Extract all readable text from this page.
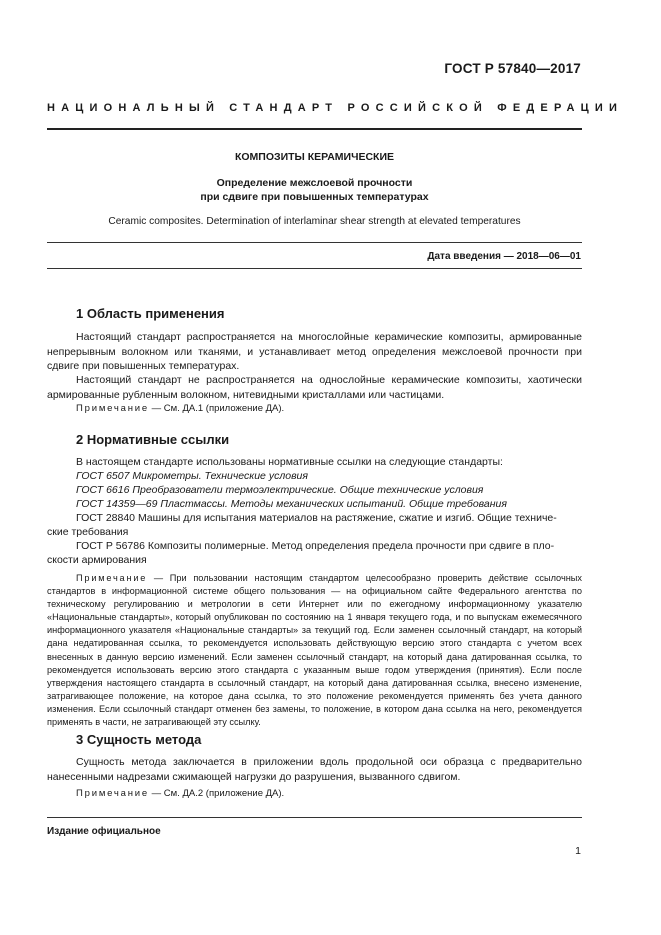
ГОСТ Р 57840—2017
НАЦИОНАЛЬНЫЙ СТАНДАРТ РОССИЙСКОЙ ФЕДЕРАЦИИ
КОМПОЗИТЫ КЕРАМИЧЕСКИЕ
Определение межслоевой прочности
при сдвиге при повышенных температурах
Ceramic composites. Determination of interlaminar shear strength at elevated temperatures
Дата введения — 2018—06—01
1 Область применения
Настоящий стандарт распространяется на многослойные керамические композиты, армированные непрерывным волокном или тканями, и устанавливает метод определения межслоевой прочности при сдвиге при повышенных температурах.
Настоящий стандарт не распространяется на однослойные керамические композиты, хаотически армированные рубленным волокном, нитевидными кристаллами или частицами.
Примечание — См. ДА.1 (приложение ДА).
2 Нормативные ссылки
В настоящем стандарте использованы нормативные ссылки на следующие стандарты:
ГОСТ 6507 Микрометры. Технические условия
ГОСТ 6616 Преобразователи термоэлектрические. Общие технические условия
ГОСТ 14359—69 Пластмассы. Методы механических испытаний. Общие требования
ГОСТ 28840 Машины для испытания материалов на растяжение, сжатие и изгиб. Общие техниче-
ские требования
ГОСТ Р 56786 Композиты полимерные. Метод определения предела прочности при сдвиге в пло-
скости армирования
Примечание — При пользовании настоящим стандартом целесообразно проверить действие ссылочных стандартов в информационной системе общего пользования — на официальном сайте Федерального агентства по техническому регулированию и метрологии в сети Интернет или по ежегодному информационному указателю «Национальные стандарты», который опубликован по состоянию на 1 января текущего года, и по выпускам ежемесячного информационного указателя «Национальные стандарты» за текущий год. Если заменен ссылочный стандарт, на который дана недатированная ссылка, то рекомендуется использовать действующую версию этого стандарта с учетом всех внесенных в данную версию изменений. Если заменен ссылочный стандарт, на который дана датированная ссылка, то рекомендуется использовать версию этого стандарта с указанным выше годом утверждения (принятия). Если после утверждения настоящего стандарта в ссылочный стандарт, на который дана датированная ссылка, внесено изменение, затрагивающее положение, на которое дана ссылка, то это положение рекомендуется применять без учета данного изменения. Если ссылочный стандарт отменен без замены, то положение, в котором дана ссылка на него, рекомендуется применять в части, не затрагивающей эту ссылку.
3 Сущность метода
Сущность метода заключается в приложении вдоль продольной оси образца с предварительно нанесенными надрезами сжимающей нагрузки до разрушения, вызванного сдвигом.
Примечание — См. ДА.2 (приложение ДА).
Издание официальное
1
